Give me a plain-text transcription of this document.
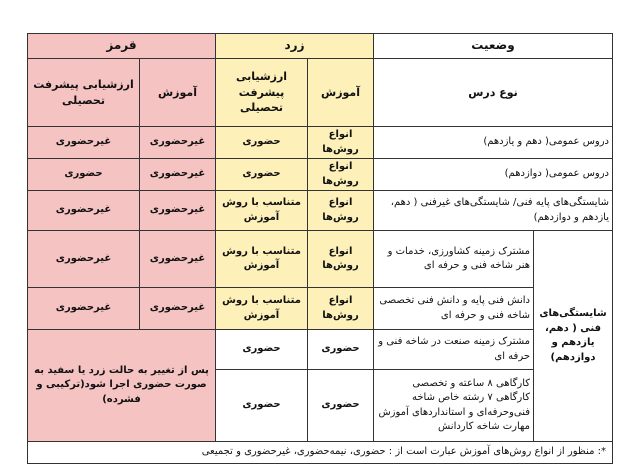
وضعیت		زرد		قرمز	
نوع درس		آموزش	ارزشیابی پیشرفت تحصیلی	آموزش	ارزشیابی پیشرفت تحصیلی
دروس عمومی( دهم و یازدهم)		انواع روش‌ها	حضوری	غیرحضوری	غیرحضوری
دروس عمومی( دوازدهم)		انواع روش‌ها	حضوری	غیرحضوری	حضوری
شایستگی‌های پایه فنی/ شایستگی‌های غیرفنی ( دهم، یازدهم و دوازدهم)		انواع روش‌ها	متناسب با روش آموزش	غیرحضوری	غیرحضوری
شایستگی‌های فنی ( دهم، یازدهم و دوازدهم)	مشترک زمینه کشاورزی، خدمات و هنر شاخه فنی و حرفه ای	انواع روش‌ها	متناسب با روش آموزش	غیرحضوری	غیرحضوری
	دانش فنی پایه و دانش فنی تخصصی شاخه فنی و حرفه ای	انواع روش‌ها	متناسب با روش آموزش	غیرحضوری	غیرحضوری
	مشترک زمینه صنعت در شاخه فنی و حرفه ای	حضوری	حضوری	پس از تغییر به حالت زرد یا سفید به صورت حضوری اجرا شود(ترکیبی و فشرده)	
	کارگاهی ۸ ساعته و تخصصی کارگاهی ۷ رشته خاص شاخه فنی‌وحرفه‌ای و استانداردهای آموزش مهارت شاخه کاردانش	حضوری	حضوری		
*: منظور از انواع روش‌های آموزش عبارت است از : حضوری، نیمه‌حضوری، غیرحضوری و تجمیعی					
